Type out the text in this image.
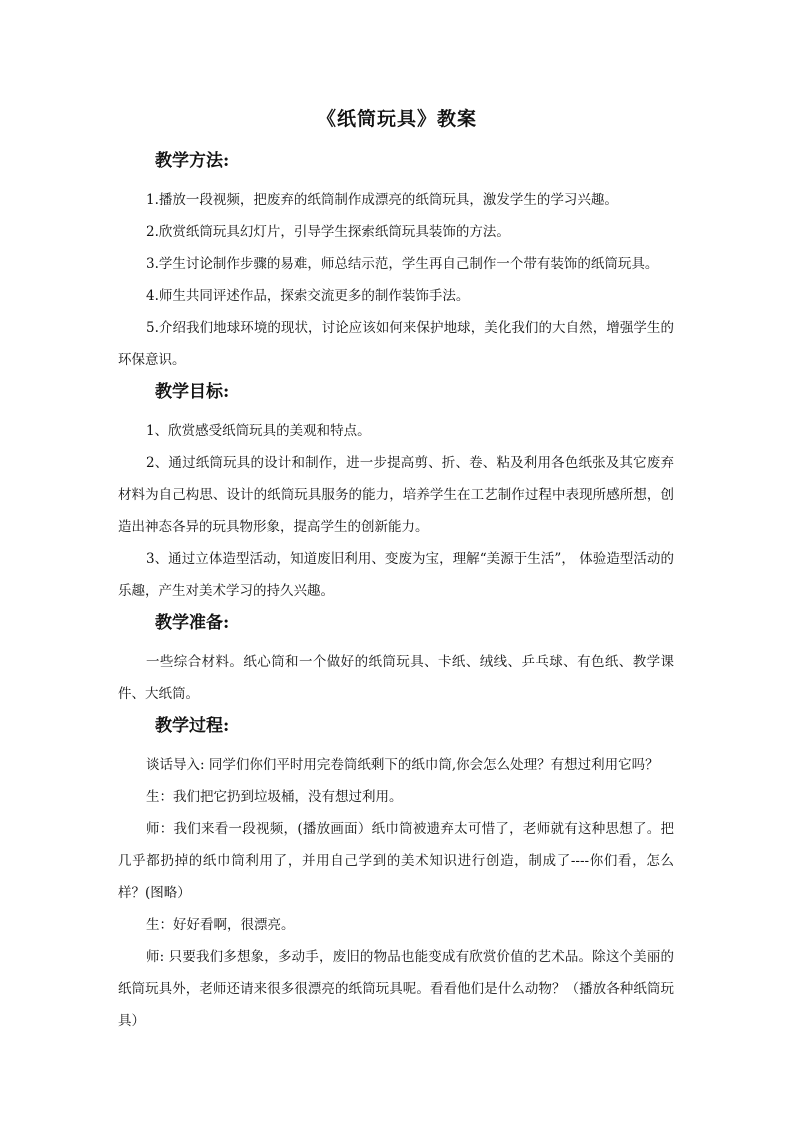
《纸筒玩具》教案
教学方法:

1.播放一段视频，把废弃的纸筒制作成漂亮的纸筒玩具，激发学生的学习兴趣。

2.欣赏纸筒玩具幻灯片，引导学生探索纸筒玩具装饰的方法。

3.学生讨论制作步骤的易难，师总结示范，学生再自己制作一个带有装饰的纸筒玩具。

4.师生共同评述作品，探索交流更多的制作装饰手法。

5.介绍我们地球环境的现状，讨论应该如何来保护地球，美化我们的大自然，增强学生的环保意识。

教学目标:

1、欣赏感受纸筒玩具的美观和特点。

2、通过纸筒玩具的设计和制作，进一步提高剪、折、卷、粘及利用各色纸张及其它废弃材料为自己构思、设计的纸筒玩具服务的能力，培养学生在工艺制作过程中表现所感所想，创造出神态各异的玩具物形象，提高学生的创新能力。

3、通过立体造型活动，知道废旧利用、变废为宝，理解“美源于生活”， 体验造型活动的乐趣，产生对美术学习的持久兴趣。

教学准备:

一些综合材料。纸心筒和一个做好的纸筒玩具、卡纸、绒线、乒乓球、有色纸、教学课件、大纸筒。

教学过程:

谈话导入: 同学们你们平时用完卷筒纸剩下的纸巾筒,你会怎么处理？有想过利用它吗？

生：我们把它扔到垃圾桶，没有想过利用。

师：我们来看一段视频，(播放画面）纸巾筒被遗弃太可惜了，老师就有这种思想了。把几乎都扔掉的纸巾筒利用了，并用自己学到的美术知识进行创造，制成了----你们看，怎么样？(图略）

生：好好看啊，很漂亮。

师: 只要我们多想象，多动手，废旧的物品也能变成有欣赏价值的艺术品。除这个美丽的纸筒玩具外，老师还请来很多很漂亮的纸筒玩具呢。看看他们是什么动物？（播放各种纸筒玩具）
